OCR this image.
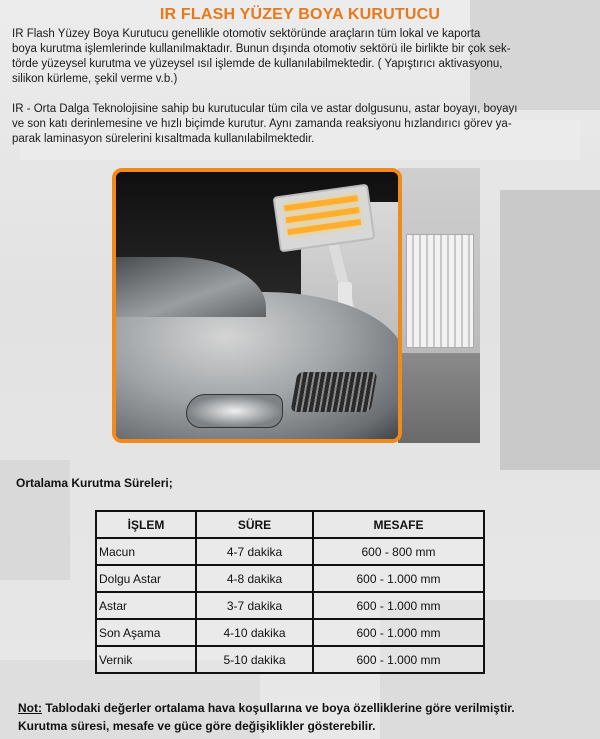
IR FLASH YÜZEY BOYA KURUTUCU
IR Flash Yüzey Boya Kurutucu genellikle otomotiv sektöründe araçların tüm lokal ve kaporta
boya kurutma işlemlerinde kullanılmaktadır. Bunun dışında otomotiv sektörü ile birlikte bir çok sek-
törde yüzeysel kurutma ve yüzeysel ısıl işlemde de kullanılabilmektedir. ( Yapıştırıcı aktivasyonu,
silikon kürleme, şekil verme v.b.)
IR - Orta Dalga Teknolojisine sahip bu kurutucular tüm cila ve astar dolgusunu, astar boyayı, boyayı
ve son katı derinlemesine ve hızlı biçimde kurutur. Aynı zamanda reaksiyonu hızlandırıcı görev ya-
parak laminasyon sürelerini kısaltmada kullanılabilmektedir.
Ortalama Kurutma Süreleri;
İŞLEM	SÜRE	MESAFE
Macun	4-7 dakika	600 - 800 mm
Dolgu Astar	4-8 dakika	600 - 1.000 mm
Astar	3-7 dakika	600 - 1.000 mm
Son Aşama	4-10 dakika	600 - 1.000 mm
Vernik	5-10 dakika	600 - 1.000 mm
Not: Tablodaki değerler ortalama hava koşullarına ve boya özelliklerine göre verilmiştir.
Kurutma süresi, mesafe ve güce göre değişiklikler gösterebilir.
